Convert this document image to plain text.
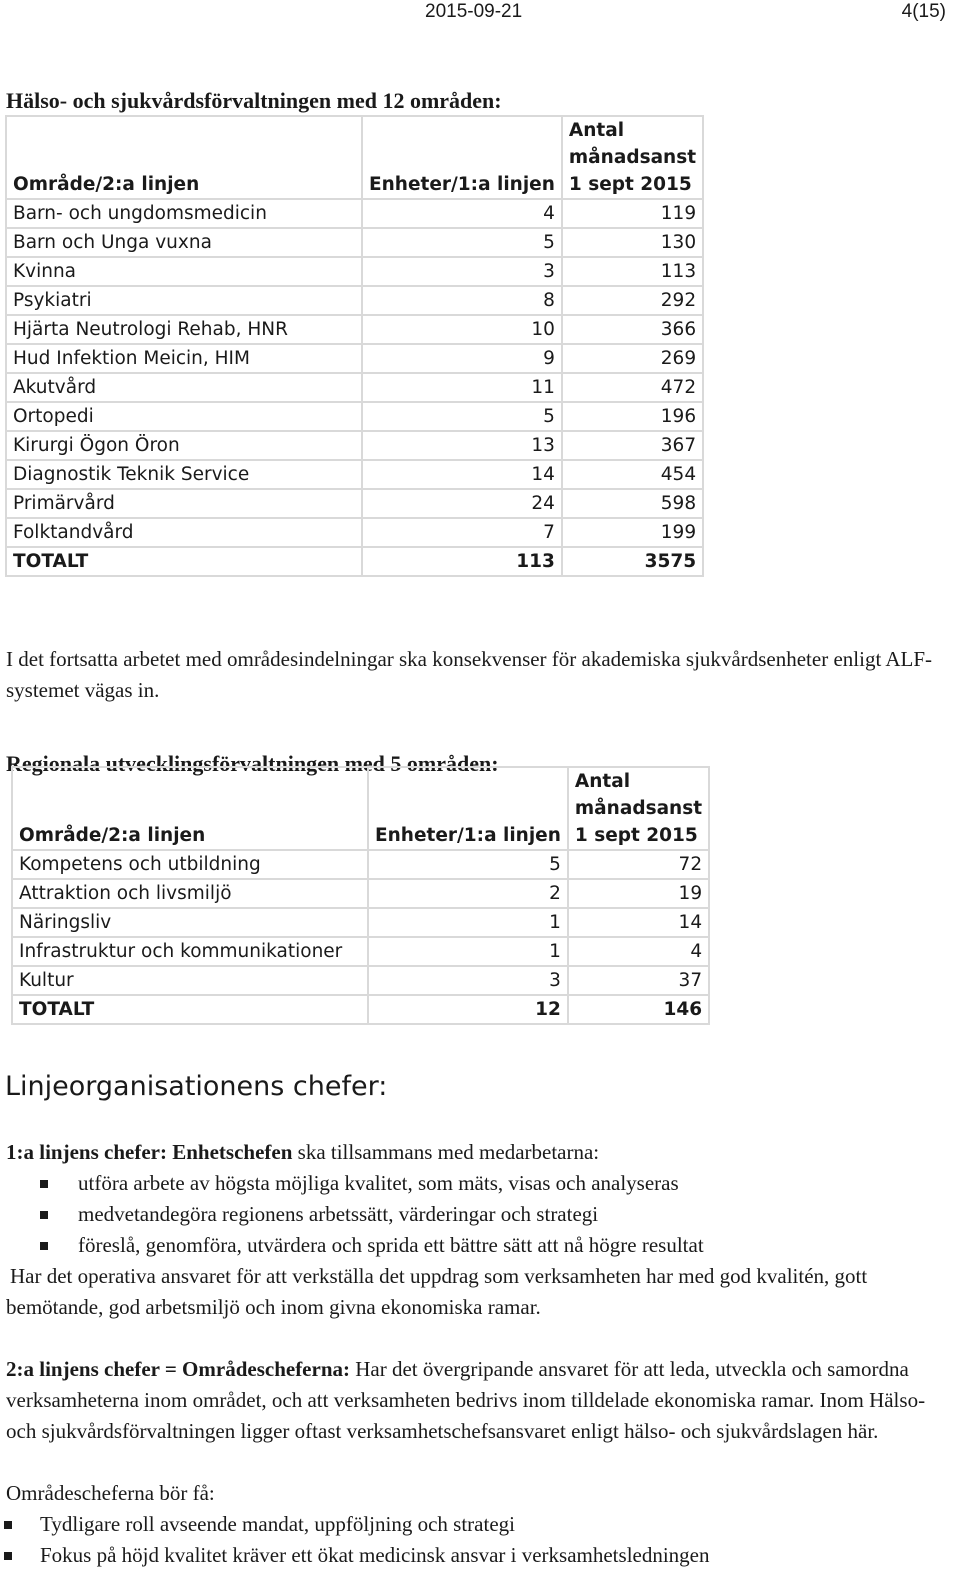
2015-09-21	4(15)
Hälso- och sjukvårdsförvaltningen med 12 områden:
Område/2:a linjen	Enheter/1:a linjen	Antal
månadsanst
1 sept 2015

Barn- och ungdomsmedicin	4	119
Barn och Unga vuxna	5	130
Kvinna	3	113
Psykiatri	8	292
Hjärta Neutrologi Rehab, HNR	10	366
Hud Infektion Meicin, HIM	9	269
Akutvård	11	472
Ortopedi	5	196
Kirurgi Ögon Öron	13	367
Diagnostik Teknik Service	14	454
Primärvård	24	598
Folktandvård	7	199
TOTALT	113	3575
I det fortsatta arbetet med områdesindelningar ska konsekvenser för akademiska sjukvårdsenheter enligt ALF-systemet vägas in.
Regionala utvecklingsförvaltningen med 5 områden:
Område/2:a linjen	Enheter/1:a linjen	Antal
månadsanst
1 sept 2015

Kompetens och utbildning	5	72
Attraktion och livsmiljö	2	19
Näringsliv	1	14
Infrastruktur och kommunikationer	1	4
Kultur	3	37
TOTALT	12	146
Linjeorganisationens chefer:
1:a linjens chefer: Enhetschefen ska tillsammans med medarbetarna:
utföra arbete av högsta möjliga kvalitet, som mäts, visas och analyseras
medvetandegöra regionens arbetssätt, värderingar och strategi
föreslå, genomföra, utvärdera och sprida ett bättre sätt att nå högre resultat
Har det operativa ansvaret för att verkställa det uppdrag som verksamheten har med god kvalitén, gott bemötande, god arbetsmiljö och inom givna ekonomiska ramar.
2:a linjens chefer = Områdescheferna: Har det övergripande ansvaret för att leda, utveckla och samordna verksamheterna inom området, och att verksamheten bedrivs inom tilldelade ekonomiska ramar. Inom Hälso- och sjukvårdsförvaltningen ligger oftast verksamhetschefsansvaret enligt hälso- och sjukvårdslagen här.
Områdescheferna bör få:
Tydligare roll avseende mandat, uppföljning och strategi
Fokus på höjd kvalitet kräver ett ökat medicinsk ansvar i verksamhetsledningen
